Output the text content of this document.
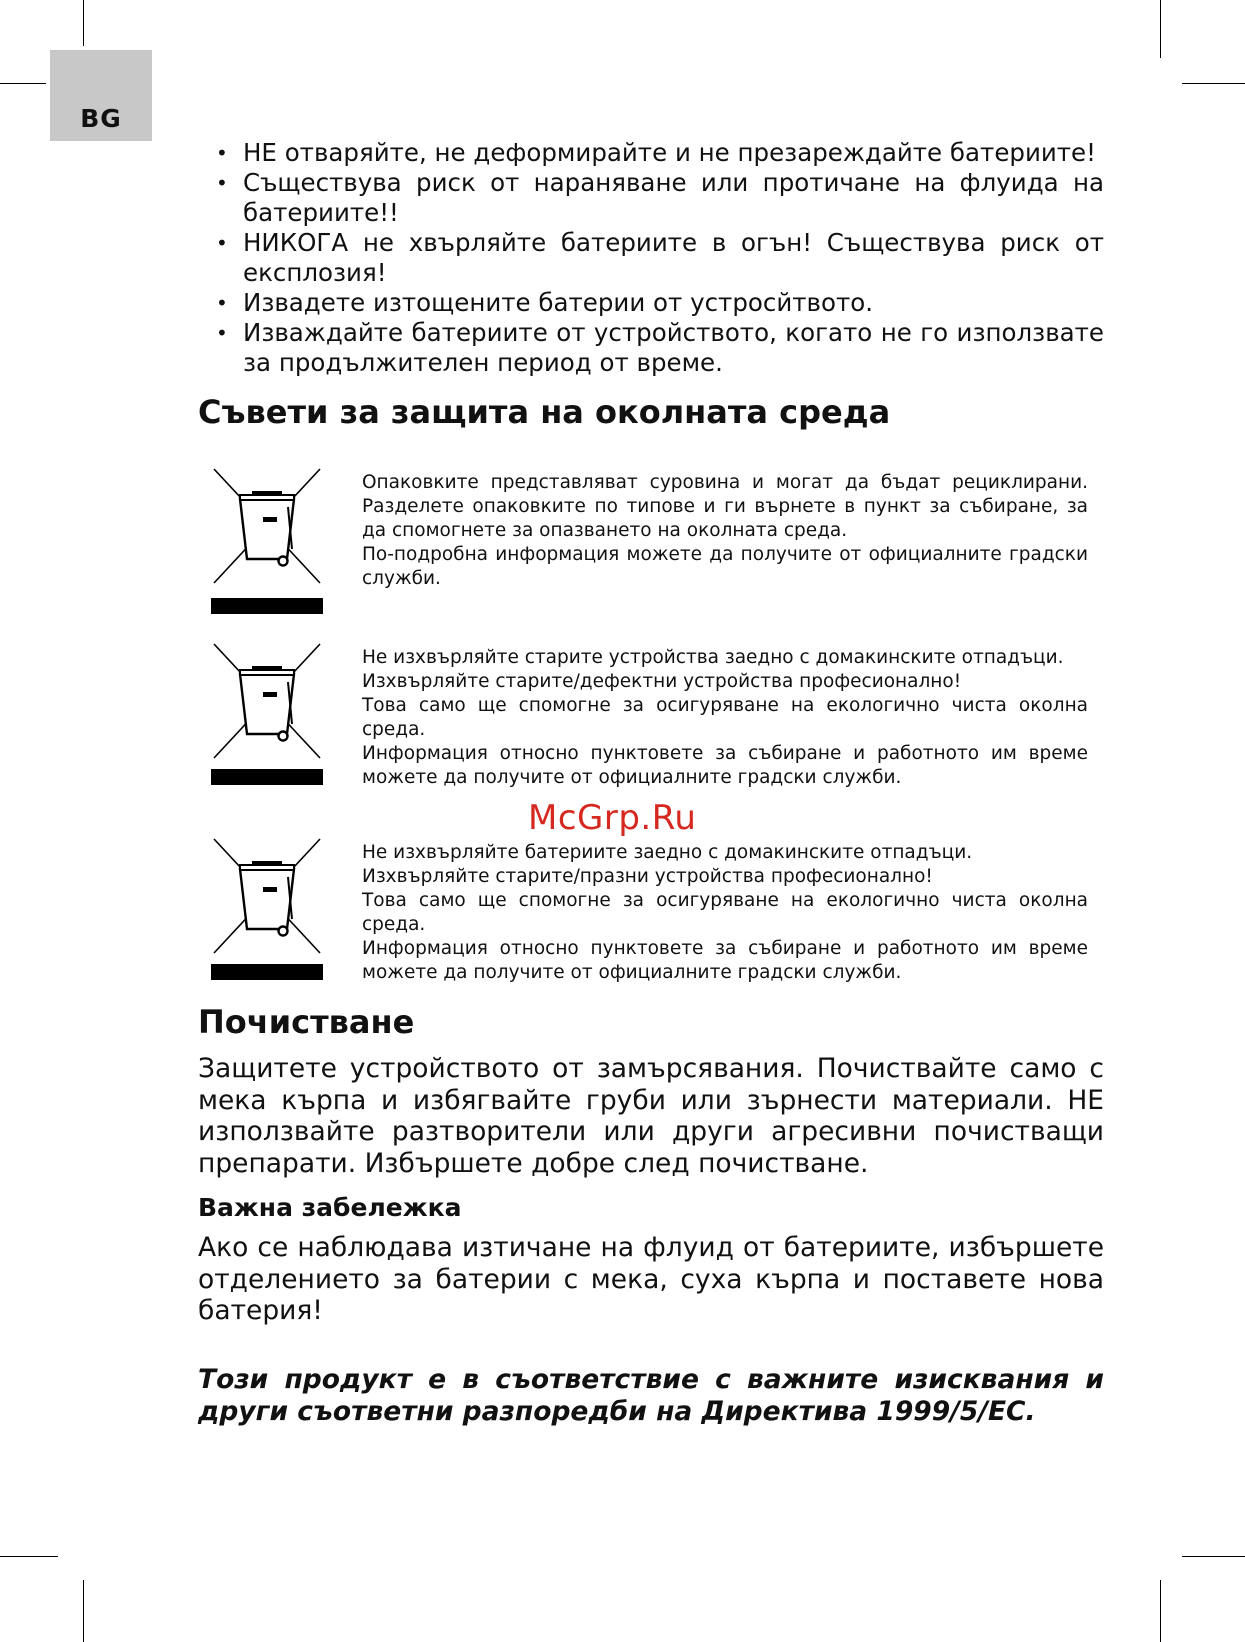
BG
• НЕ отваряйте, не деформирайте и не презареждайте батериите!
• Съществува риск от нараняване или протичане на флуида на батериите!!
• НИКОГА не хвърляйте батериите в огън! Съществува риск от експлозия!
• Извадете изтощените батерии от устросйтвото.
• Изваждайте батериите от устройството, когато не го използвате за продължителен период от време.
Съвети за защита на околната среда

Опаковките представляват суровина и могат да бъдат рециклирани. Разделете опаковките по типове и ги върнете в пункт за събиране, за да спомогнете за опазването на околната среда.

По-подробна информация можете да получите от официалните градски служби.

Не изхвърляйте старите устройства заедно с домакинските отпадъци.

Изхвърляйте старите/дефектни устройства професионално!

Това само ще спомогне за осигуряване на екологично чиста околна среда.

Информация относно пунктовете за събиране и работното им време можете да получите от официалните градски служби.

Не изхвърляйте батериите заедно с домакинските отпадъци.

Изхвърляйте старите/празни устройства професионално!

Това само ще спомогне за осигуряване на екологично чиста околна среда.

Информация относно пунктовете за събиране и работното им време можете да получите от официалните градски служби.

McGrp.Ru
Почистване

Защитете устройството от замърсявания. Почиствайте само с мека кърпа и избягвайте груби или зърнести материали. НЕ използвайте разтворители или други агресивни почистващи препарати. Избършете добре след почистване.

Важна забележка

Ако се наблюдава изтичане на флуид от батериите, избършете отделението за батерии с мека, суха кърпа и поставете нова батерия!

Този продукт е в съответствие с важните изисквания и други съответни разпоредби на Директива 1999/5/ЕС.
